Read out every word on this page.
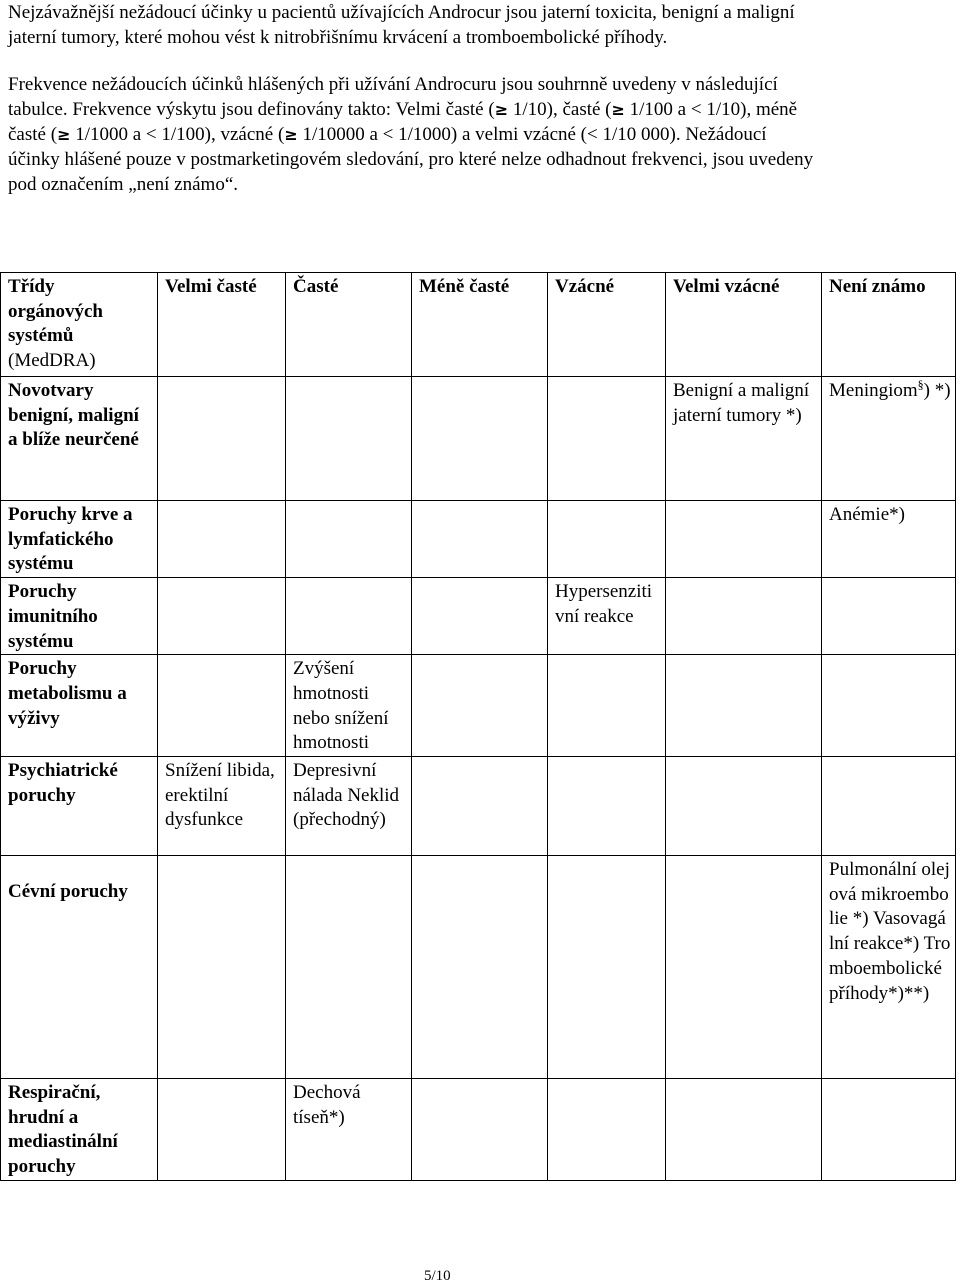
Nejzávažnější nežádoucí účinky u pacientů užívajících Androcur jsou jaterní toxicita, benigní a maligní jaterní tumory, které mohou vést k nitrobřišnímu krvácení a tromboembolické příhody.

Frekvence nežádoucích účinků hlášených při užívání Androcuru jsou souhrnně uvedeny v následující tabulce. Frekvence výskytu jsou definovány takto: Velmi časté (≥ 1/10), časté (≥ 1/100 a < 1/10), méně časté (≥ 1/1000 a < 1/100), vzácné (≥ 1/10000 a < 1/1000) a velmi vzácné (< 1/10 000). Nežádoucí účinky hlášené pouze v postmarketingovém sledování, pro které nelze odhadnout frekvenci, jsou uvedeny pod označením „není známo“.

Třídy orgánových systémů
(MedDRA)	Velmi časté	Časté	Méně časté	Vzácné	Velmi vzácné	Není známo
Novotvary benigní, maligní a blíže neurčené					Benigní a maligní jaterní tumory *)	Meningiom§) *)
Poruchy krve a lymfatického systému						Anémie*)
Poruchy imunitního systému				Hypersenzitivní reakce		
Poruchy metabolismu a výživy		Zvýšení hmotnosti nebo snížení hmotnosti				
Psychiatrické poruchy	Snížení libida, erektilní dysfunkce	Depresivní nálada Neklid (přechodný)				
Cévní poruchy						Pulmonální olejová mikroembolie *) Vasovagální reakce*) Tromboembolické příhody*)**)
Respirační, hrudní a mediastinální poruchy		Dechová tíseň*)				
5/10
